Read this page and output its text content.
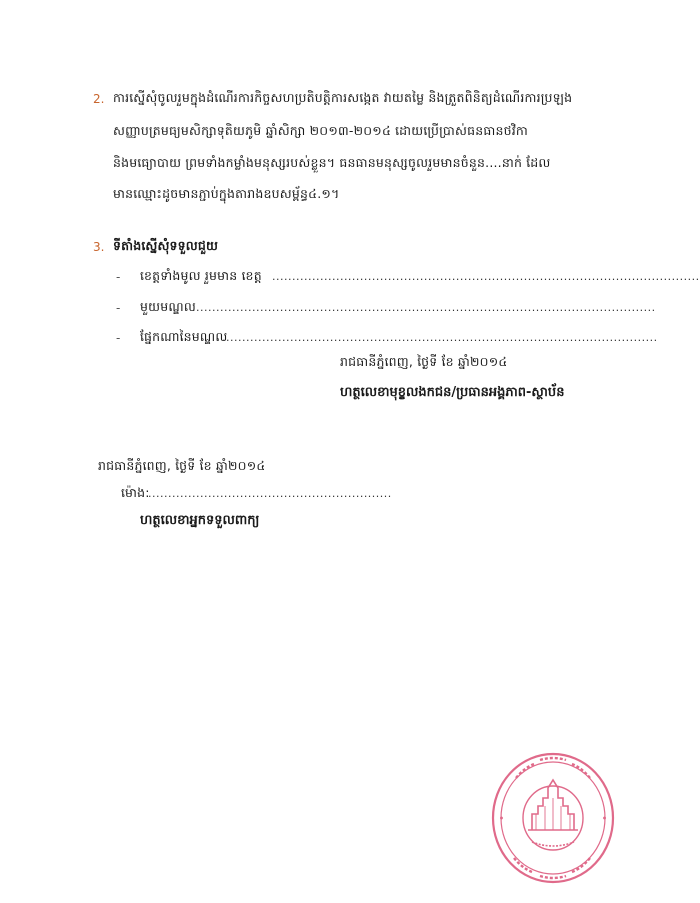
2. ការស្នើសុំចូលរួមក្នុងដំណើរការកិច្ចសហប្រតិបត្តិការសង្កេត វាយតម្លៃ និងត្រួតពិនិត្យដំណើរការប្រឡង
សញ្ញាបត្រមធ្យមសិក្សាទុតិយភូមិ ឆ្នាំសិក្សា ២០១៣-២០១៤ ដោយប្រើប្រាស់ធនធានថវិកា
និងមធ្យោបាយ ព្រមទាំងកម្លាំងមនុស្សរបស់ខ្លួន។ ធនធានមនុស្សចូលរួមមានចំនួន....នាក់ ដែល
មានឈ្មោះដូចមានភ្ជាប់ក្នុងតារាងឧបសម្ព័ន្ធ៤.១។
3. ទីតាំងស្នើសុំទទួលជួយ
- ខេត្តទាំងមូល រួមមាន ខេត្ត ...........................................................................................................
- មួយមណ្ឌល
....................................................................................................................
- ផ្នែកណានៃមណ្ឌល
.............................................................................................................
រាជធានីភ្នំពេញ, ថ្ងៃទី ខែ ឆ្នាំ២០១៤
ហត្ថលេខាមុខ្ខលងកជន/ប្រធានអង្គភាព-ស្ថាប័ន
រាជធានីភ្នំពេញ, ថ្ងៃទី ខែ ឆ្នាំ២០១៤
ម៉ោង:
.............................................................
ហត្ថលេខាអ្នកទទួលពាក្យ
